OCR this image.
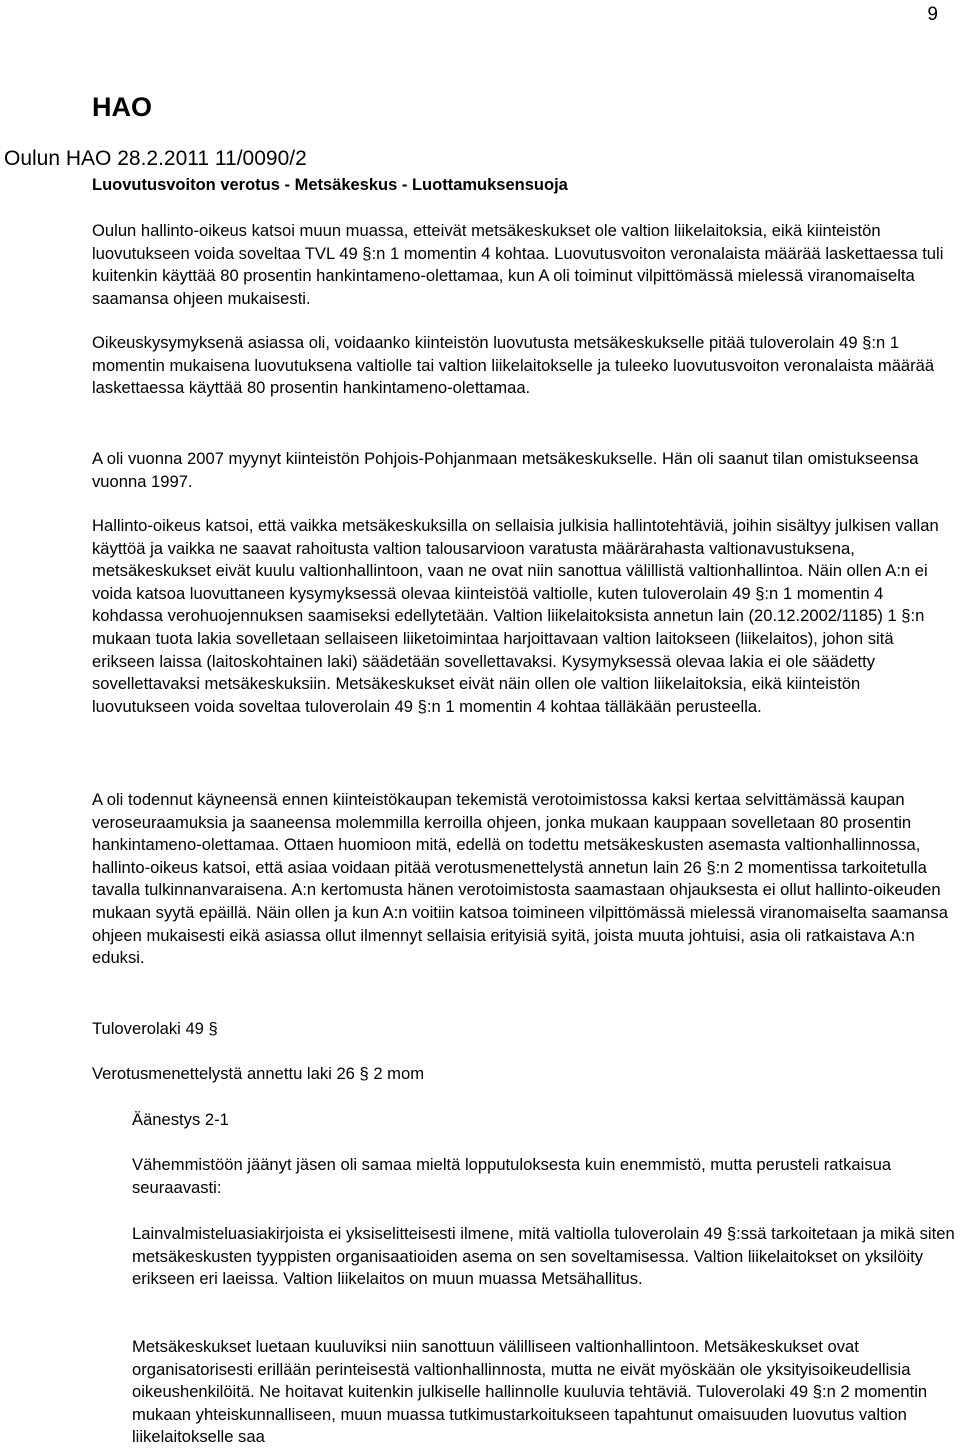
9
HAO
Oulun HAO 28.2.2011 11/0090/2
Luovutusvoiton verotus - Metsäkeskus - Luottamuksensuoja

Oulun hallinto-oikeus katsoi muun muassa, etteivät metsäkeskukset ole valtion liikelaitoksia, eikä kiinteistön luovutukseen voida soveltaa TVL 49 §:n 1 momentin 4 kohtaa. Luovutusvoiton veronalaista määrää laskettaessa tuli kuitenkin käyttää 80 prosentin hankintameno-olettamaa, kun A oli toiminut vilpittömässä mielessä viranomaiselta saamansa ohjeen mukaisesti.

Oikeuskysymyksenä asiassa oli, voidaanko kiinteistön luovutusta metsäkeskukselle pitää tuloverolain 49 §:n 1 momentin mukaisena luovutuksena valtiolle tai valtion liikelaitokselle ja tuleeko luovutusvoiton veronalaista määrää laskettaessa käyttää 80 prosentin hankintameno-olettamaa.

A oli vuonna 2007 myynyt kiinteistön Pohjois-Pohjanmaan metsäkeskukselle. Hän oli saanut tilan omistukseensa vuonna 1997.

Hallinto-oikeus katsoi, että vaikka metsäkeskuksilla on sellaisia julkisia hallintotehtäviä, joihin sisältyy julkisen vallan käyttöä ja vaikka ne saavat rahoitusta valtion talousarvioon varatusta määrärahasta valtionavustuksena, metsäkeskukset eivät kuulu valtionhallintoon, vaan ne ovat niin sanottua välillistä valtionhallintoa. Näin ollen A:n ei voida katsoa luovuttaneen kysymyksessä olevaa kiinteistöä valtiolle, kuten tuloverolain 49 §:n 1 momentin 4 kohdassa verohuojennuksen saamiseksi edellytetään. Valtion liikelaitoksista annetun lain (20.12.2002/1185) 1 §:n mukaan tuota lakia sovelletaan sellaiseen liiketoimintaa harjoittavaan valtion laitokseen (liikelaitos), johon sitä erikseen laissa (laitoskohtainen laki) säädetään sovellettavaksi. Kysymyksessä olevaa lakia ei ole säädetty sovellettavaksi metsäkeskuksiin. Metsäkeskukset eivät näin ollen ole valtion liikelaitoksia, eikä kiinteistön luovutukseen voida soveltaa tuloverolain 49 §:n 1 momentin 4 kohtaa tälläkään perusteella.

A oli todennut käyneensä ennen kiinteistökaupan tekemistä verotoimistossa kaksi kertaa selvittämässä kaupan veroseuraamuksia ja saaneensa molemmilla kerroilla ohjeen, jonka mukaan kauppaan sovelletaan 80 prosentin hankintameno-olettamaa. Ottaen huomioon mitä, edellä on todettu metsäkeskusten asemasta valtionhallinnossa, hallinto-oikeus katsoi, että asiaa voidaan pitää verotusmenettelystä annetun lain 26 §:n 2 momentissa tarkoitetulla tavalla tulkinnanvaraisena. A:n kertomusta hänen verotoimistosta saamastaan ohjauksesta ei ollut hallinto-oikeuden mukaan syytä epäillä. Näin ollen ja kun A:n voitiin katsoa toimineen vilpittömässä mielessä viranomaiselta saamansa ohjeen mukaisesti eikä asiassa ollut ilmennyt sellaisia erityisiä syitä, joista muuta johtuisi, asia oli ratkaistava A:n eduksi.

Tuloverolaki 49 §

Verotusmenettelystä annettu laki 26 § 2 mom

Äänestys 2-1

Vähemmistöön jäänyt jäsen oli samaa mieltä lopputuloksesta kuin enemmistö, mutta perusteli ratkaisua seuraavasti:

Lainvalmisteluasiakirjoista ei yksiselitteisesti ilmene, mitä valtiolla tuloverolain 49 §:ssä tarkoitetaan ja mikä siten metsäkeskusten tyyppisten organisaatioiden asema on sen soveltamisessa. Valtion liikelaitokset on yksilöity erikseen eri laeissa. Valtion liikelaitos on muun muassa Metsähallitus.

Metsäkeskukset luetaan kuuluviksi niin sanottuun välilliseen valtionhallintoon. Metsäkeskukset ovat organisatorisesti erillään perinteisestä valtionhallinnosta, mutta ne eivät myöskään ole yksityisoikeudellisia oikeushenkilöitä. Ne hoitavat kuitenkin julkiselle hallinnolle kuuluvia tehtäviä. Tuloverolaki 49 §:n 2 momentin mukaan yhteiskunnalliseen, muun muassa tutkimustarkoitukseen tapahtunut omaisuuden luovutus valtion liikelaitokselle saa
